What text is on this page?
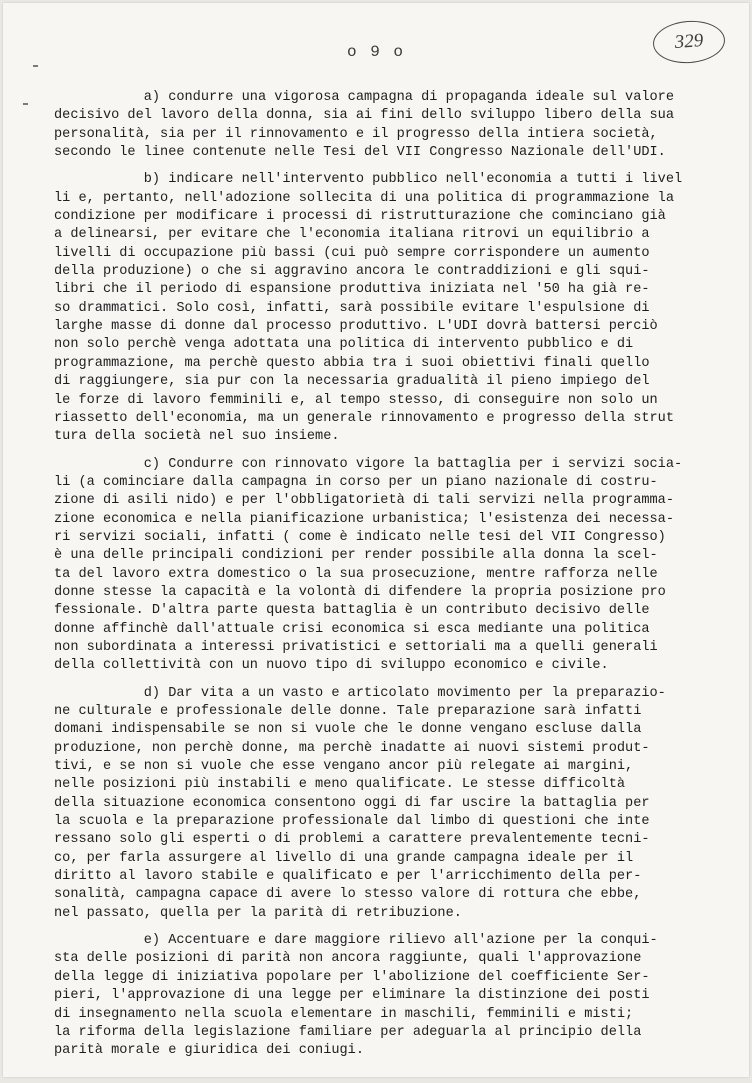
329
o 9 o

a) condurre una vigorosa campagna di propaganda ideale sul valore
decisivo del lavoro della donna, sia ai fini dello sviluppo libero della sua
personalità, sia per il rinnovamento e il progresso della intiera società,
secondo le linee contenute nelle Tesi del VII Congresso Nazionale dell'UDI.

b) indicare nell'intervento pubblico nell'economia a tutti i livel
li e, pertanto, nell'adozione sollecita di una politica di programmazione la
condizione per modificare i processi di ristrutturazione che cominciano già
a delinearsi, per evitare che l'economia italiana ritrovi un equilibrio a
livelli di occupazione più bassi (cui può sempre corrispondere un aumento
della produzione) o che si aggravino ancora le contraddizioni e gli squi-
libri che il periodo di espansione produttiva iniziata nel '50 ha già re-
so drammatici. Solo così, infatti, sarà possibile evitare l'espulsione di
larghe masse di donne dal processo produttivo. L'UDI dovrà battersi perciò
non solo perchè venga adottata una politica di intervento pubblico e di
programmazione, ma perchè questo abbia tra i suoi obiettivi finali quello
di raggiungere, sia pur con la necessaria gradualità il pieno impiego del
le forze di lavoro femminili e, al tempo stesso, di conseguire non solo un
riassetto dell'economia, ma un generale rinnovamento e progresso della strut
tura della società nel suo insieme.

c) Condurre con rinnovato vigore la battaglia per i servizi socia-
li (a cominciare dalla campagna in corso per un piano nazionale di costru-
zione di asili nido) e per l'obbligatorietà di tali servizi nella programma-
zione economica e nella pianificazione urbanistica; l'esistenza dei necessa-
ri servizi sociali, infatti ( come è indicato nelle tesi del VII Congresso)
è una delle principali condizioni per render possibile alla donna la scel-
ta del lavoro extra domestico o la sua prosecuzione, mentre rafforza nelle
donne stesse la capacità e la volontà di difendere la propria posizione pro
fessionale. D'altra parte questa battaglia è un contributo decisivo delle
donne affinchè dall'attuale crisi economica si esca mediante una politica
non subordinata a interessi privatistici e settoriali ma a quelli generali
della collettività con un nuovo tipo di sviluppo economico e civile.

d) Dar vita a un vasto e articolato movimento per la preparazio-
ne culturale e professionale delle donne. Tale preparazione sarà infatti
domani indispensabile se non si vuole che le donne vengano escluse dalla
produzione, non perchè donne, ma perchè inadatte ai nuovi sistemi produt-
tivi, e se non si vuole che esse vengano ancor più relegate ai margini,
nelle posizioni più instabili e meno qualificate. Le stesse difficoltà
della situazione economica consentono oggi di far uscire la battaglia per
la scuola e la preparazione professionale dal limbo di questioni che inte
ressano solo gli esperti o di problemi a carattere prevalentemente tecni-
co, per farla assurgere al livello di una grande campagna ideale per il
diritto al lavoro stabile e qualificato e per l'arricchimento della per-
sonalità, campagna capace di avere lo stesso valore di rottura che ebbe,
nel passato, quella per la parità di retribuzione.

e) Accentuare e dare maggiore rilievo all'azione per la conqui-
sta delle posizioni di parità non ancora raggiunte, quali l'approvazione
della legge di iniziativa popolare per l'abolizione del coefficiente Ser-
pieri, l'approvazione di una legge per eliminare la distinzione dei posti
di insegnamento nella scuola elementare in maschili, femminili e misti;
la riforma della legislazione familiare per adeguarla al principio della
parità morale e giuridica dei coniugi.
